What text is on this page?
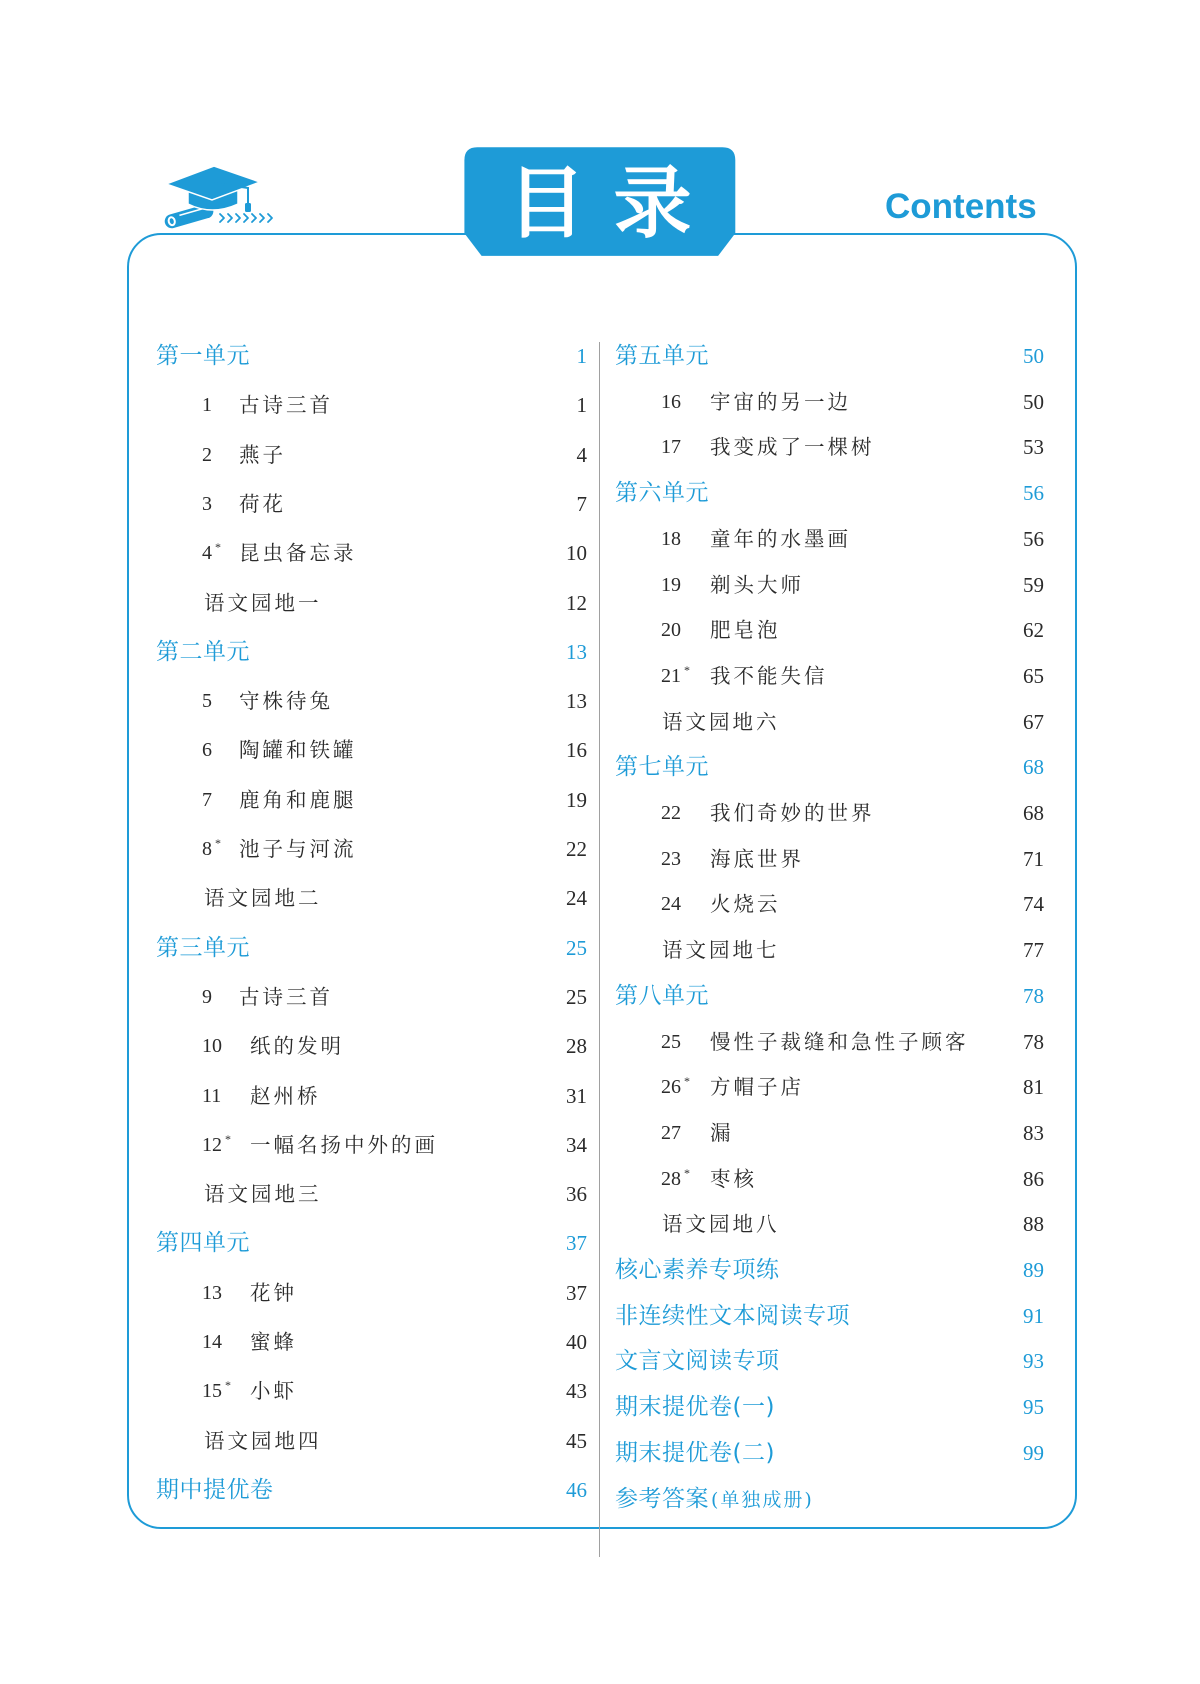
目录	Contents
第一单元	1
1 古诗三首	1
2 燕子	4
3 荷花	7
4 * 昆虫备忘录	10
语文园地一	12
第二单元	13
5 守株待兔	13
6 陶罐和铁罐	16
7 鹿角和鹿腿	19
8 * 池子与河流	22
语文园地二	24
第三单元	25
9 古诗三首	25
10 纸的发明	28
11 赵州桥	31
12 * 一幅名扬中外的画	34
语文园地三	36
第四单元	37
13 花钟	37
14 蜜蜂	40
15 * 小虾	43
语文园地四	45
期中提优卷	46
第五单元	50
16 宇宙的另一边	50
17 我变成了一棵树	53
第六单元	56
18 童年的水墨画	56
19 剃头大师	59
20 肥皂泡	62
21 * 我不能失信	65
语文园地六	67
第七单元	68
22 我们奇妙的世界	68
23 海底世界	71
24 火烧云	74
语文园地七	77
第八单元	78
25 慢性子裁缝和急性子顾客	78
26 * 方帽子店	81
27 漏	83
28 * 枣核	86
语文园地八	88
核心素养专项练	89
非连续性文本阅读专项	91
文言文阅读专项	93
期末提优卷(一)	95
期末提优卷(二)	99
参考答案 (单独成册)
